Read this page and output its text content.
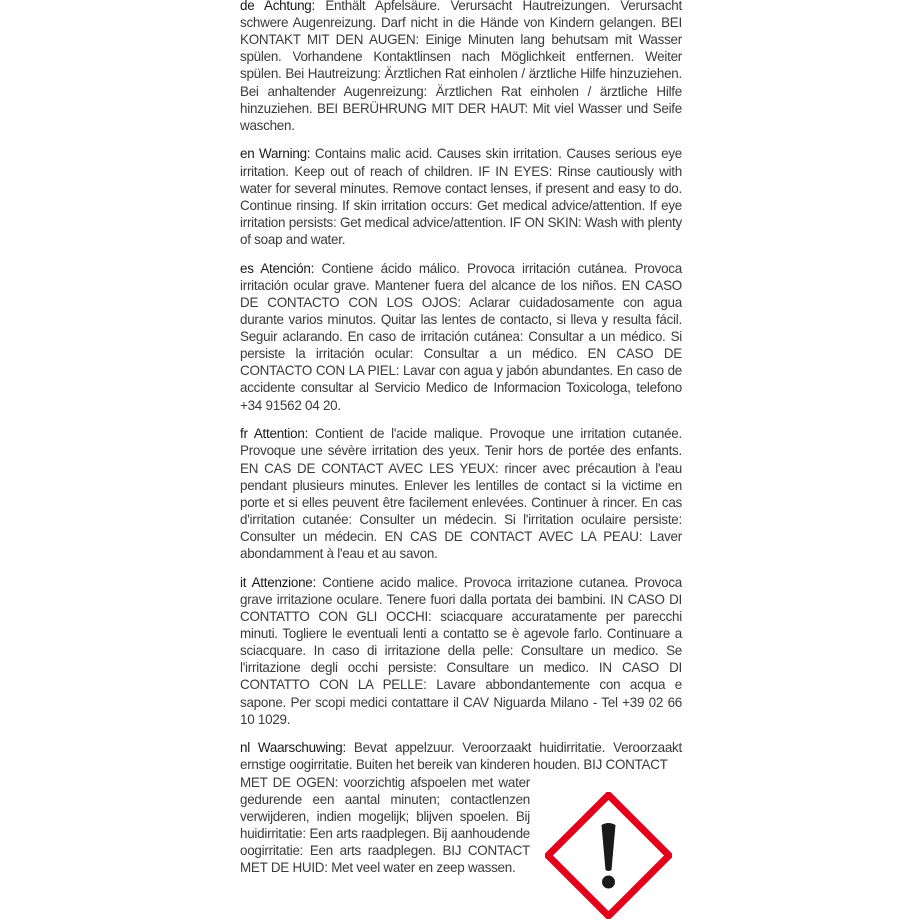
de Achtung: Enthält Apfelsäure. Verursacht Hautreizungen. Verursacht schwere Augenreizung. Darf nicht in die Hände von Kindern gelangen. BEI KONTAKT MIT DEN AUGEN: Einige Minuten lang behutsam mit Wasser spülen. Vorhandene Kontaktlinsen nach Möglichkeit entfernen. Weiter spülen. Bei Hautreizung: Ärztlichen Rat einholen / ärztliche Hilfe hinzuziehen. Bei anhaltender Augenreizung: Ärztlichen Rat einholen / ärztliche Hilfe hinzuziehen. BEI BERÜHRUNG MIT DER HAUT: Mit viel Wasser und Seife waschen.

en Warning: Contains malic acid. Causes skin irritation. Causes serious eye irritation. Keep out of reach of children. IF IN EYES: Rinse cautiously with water for several minutes. Remove contact lenses, if present and easy to do. Continue rinsing. If skin irritation occurs: Get medical advice/attention. If eye irritation persists: Get medical advice/attention. IF ON SKIN: Wash with plenty of soap and water.

es Atención: Contiene ácido málico. Provoca irritación cutánea. Provoca irritación ocular grave. Mantener fuera del alcance de los niños. EN CASO DE CONTACTO CON LOS OJOS: Aclarar cuidadosamente con agua durante varios minutos. Quitar las lentes de contacto, si lleva y resulta fácil. Seguir aclarando. En caso de irritación cutánea: Consultar a un médico. Si persiste la irritación ocular: Consultar a un médico. EN CASO DE CONTACTO CON LA PIEL: Lavar con agua y jabón abundantes. En caso de accidente consultar al Servicio Medico de Informacion Toxicologa, telefono +34 91562 04 20.

fr Attention: Contient de l'acide malique. Provoque une irritation cutanée. Provoque une sévère irritation des yeux. Tenir hors de portée des enfants. EN CAS DE CONTACT AVEC LES YEUX: rincer avec précaution à l'eau pendant plusieurs minutes. Enlever les lentilles de contact si la victime en porte et si elles peuvent être facilement enlevées. Continuer à rincer. En cas d'irritation cutanée: Consulter un médecin. Si l'irritation oculaire persiste: Consulter un médecin. EN CAS DE CONTACT AVEC LA PEAU: Laver abondamment à l'eau et au savon.

it Attenzione: Contiene acido malice. Provoca irritazione cutanea. Provoca grave irritazione oculare. Tenere fuori dalla portata dei bambini. IN CASO DI CONTATTO CON GLI OCCHI: sciacquare accuratamente per parecchi minuti. Togliere le eventuali lenti a contatto se è agevole farlo. Continuare a sciacquare. In caso di irritazione della pelle: Consultare un medico. Se l'irritazione degli occhi persiste: Consultare un medico. IN CASO DI CONTATTO CON LA PELLE: Lavare abbondantemente con acqua e sapone. Per scopi medici contattare il CAV Niguarda Milano - Tel +39 02 66 10 1029.

nl Waarschuwing: Bevat appelzuur. Veroorzaakt huidirritatie. Veroorzaakt ernstige oogirritatie. Buiten het bereik van kinderen houden. BIJ CONTACT
MET DE OGEN: voorzichtig afspoelen met water gedurende een aantal minuten; contactlenzen verwijderen, indien mogelijk; blijven spoelen. Bij huidirritatie: Een arts raadplegen. Bij aanhoudende oogirritatie: Een arts raadplegen. BIJ CONTACT MET DE HUID: Met veel water en zeep wassen.
